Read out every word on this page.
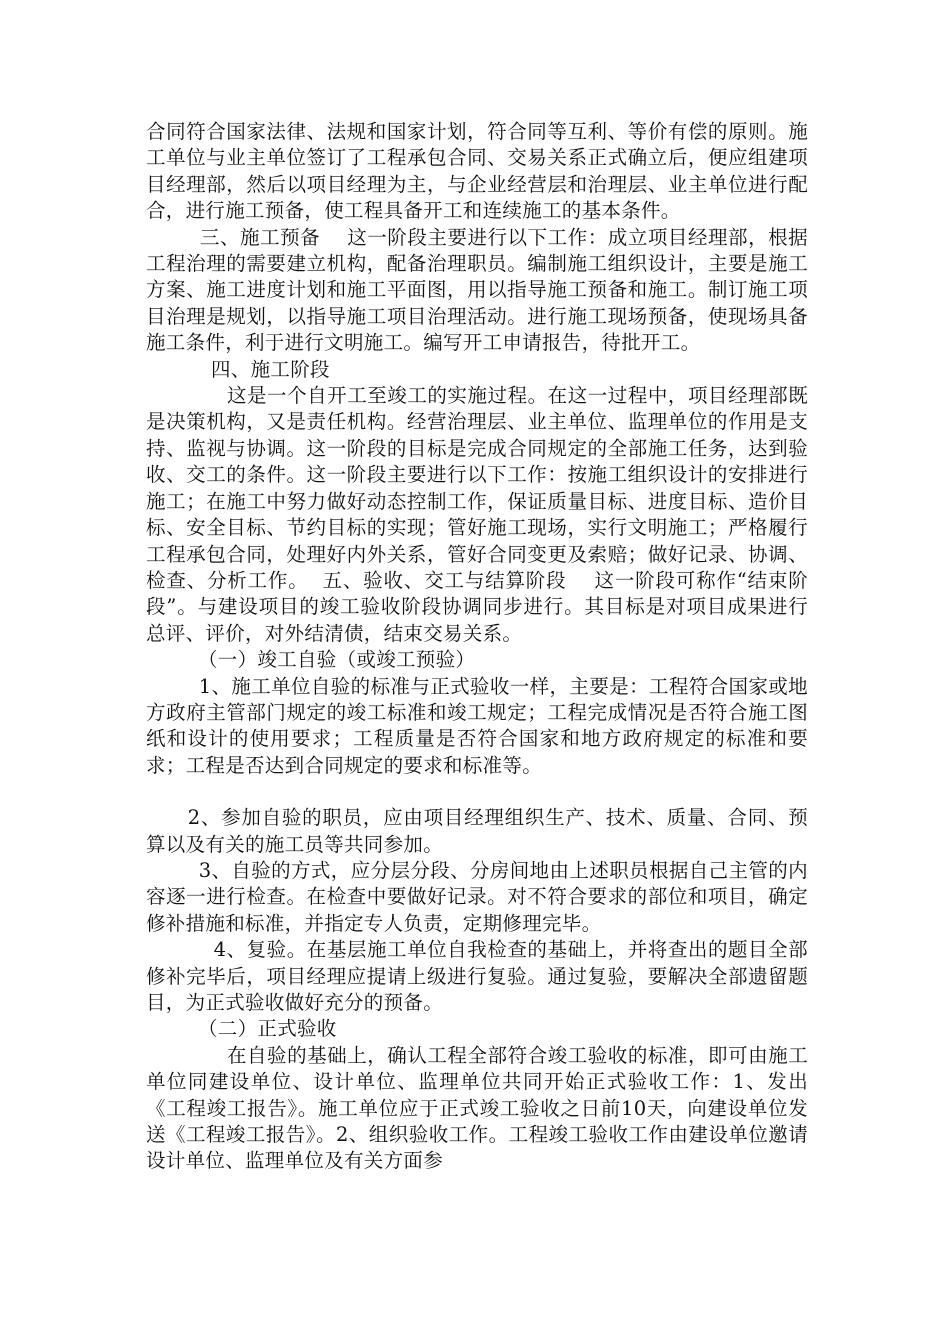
合同符合国家法律、法规和国家计划，符合同等互利、等价有偿的原则。施工单位与业主单位签订了工程承包合同、交易关系正式确立后，便应组建项目经理部，然后以项目经理为主，与企业经营层和治理层、业主单位进行配合，进行施工预备，使工程具备开工和连续施工的基本条件。

三、施工预备    这一阶段主要进行以下工作：成立项目经理部，根据工程治理的需要建立机构，配备治理职员。编制施工组织设计，主要是施工方案、施工进度计划和施工平面图，用以指导施工预备和施工。制订施工项目治理是规划，以指导施工项目治理活动。进行施工现场预备，使现场具备施工条件，利于进行文明施工。编写开工申请报告，待批开工。

四、施工阶段

这是一个自开工至竣工的实施过程。在这一过程中，项目经理部既是决策机构，又是责任机构。经营治理层、业主单位、监理单位的作用是支持、监视与协调。这一阶段的目标是完成合同规定的全部施工任务，达到验收、交工的条件。这一阶段主要进行以下工作：按施工组织设计的安排进行施工；在施工中努力做好动态控制工作，保证质量目标、进度目标、造价目标、安全目标、节约目标的实现；管好施工现场，实行文明施工；严格履行工程承包合同，处理好内外关系，管好合同变更及索赔；做好记录、协调、检查、分析工作。  五、验收、交工与结算阶段    这一阶段可称作“结束阶段”。与建设项目的竣工验收阶段协调同步进行。其目标是对项目成果进行总评、评价，对外结清债，结束交易关系。

（一）竣工自验（或竣工预验）

1、施工单位自验的标准与正式验收一样，主要是：工程符合国家或地方政府主管部门规定的竣工标准和竣工规定；工程完成情况是否符合施工图纸和设计的使用要求；工程质量是否符合国家和地方政府规定的标准和要求；工程是否达到合同规定的要求和标准等。

2、参加自验的职员，应由项目经理组织生产、技术、质量、合同、预算以及有关的施工员等共同参加。

3、自验的方式，应分层分段、分房间地由上述职员根据自己主管的内容逐一进行检查。在检查中要做好记录。对不符合要求的部位和项目，确定修补措施和标准，并指定专人负责，定期修理完毕。

4、复验。在基层施工单位自我检查的基础上，并将查出的题目全部修补完毕后，项目经理应提请上级进行复验。通过复验，要解决全部遗留题目，为正式验收做好充分的预备。

（二）正式验收

在自验的基础上，确认工程全部符合竣工验收的标准，即可由施工单位同建设单位、设计单位、监理单位共同开始正式验收工作：1、发出《工程竣工报告》。施工单位应于正式竣工验收之日前10天，向建设单位发送《工程竣工报告》。2、组织验收工作。工程竣工验收工作由建设单位邀请设计单位、监理单位及有关方面参
